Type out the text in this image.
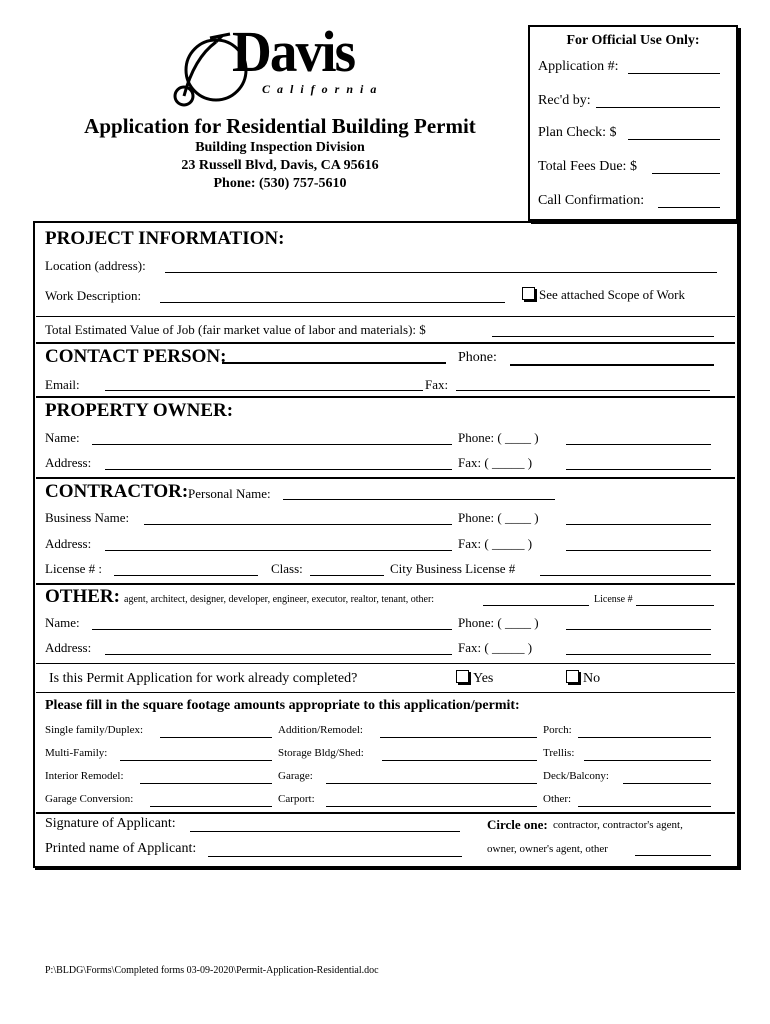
Davis
California
Application for Residential Building Permit
Building Inspection Division
23 Russell Blvd, Davis, CA 95616
Phone: (530) 757-5610
For Official Use Only:
Application #:
Rec'd by:
Plan Check: $
Total Fees Due: $
Call Confirmation:
PROJECT INFORMATION:
Location (address):
Work Description:	See attached Scope of Work
Total Estimated Value of Job (fair market value of labor and materials): $
CONTACT PERSON:	Phone:
Email:	Fax:
PROPERTY OWNER:
Name:	Phone: ( ____ )
Address:	Fax: ( _____ )
CONTRACTOR: Personal Name:
Business Name:	Phone: ( ____ )
Address:	Fax: ( _____ )
License # :	Class:	City Business License #
OTHER: agent, architect, designer, developer, engineer, executor, realtor, tenant, other:	License #
Name:	Phone: ( ____ )
Address:	Fax: ( _____ )
Is this Permit Application for work already completed?	Yes	No
Please fill in the square footage amounts appropriate to this application/permit:
Single family/Duplex:	Addition/Remodel:	Porch:
Multi-Family:	Storage Bldg/Shed:	Trellis:
Interior Remodel:	Garage:	Deck/Balcony:
Garage Conversion:	Carport:	Other:
Signature of Applicant:
Printed name of Applicant:
Circle one: contractor, contractor's agent,
owner, owner's agent, other
P:\BLDG\Forms\Completed forms 03-09-2020\Permit-Application-Residential.doc
